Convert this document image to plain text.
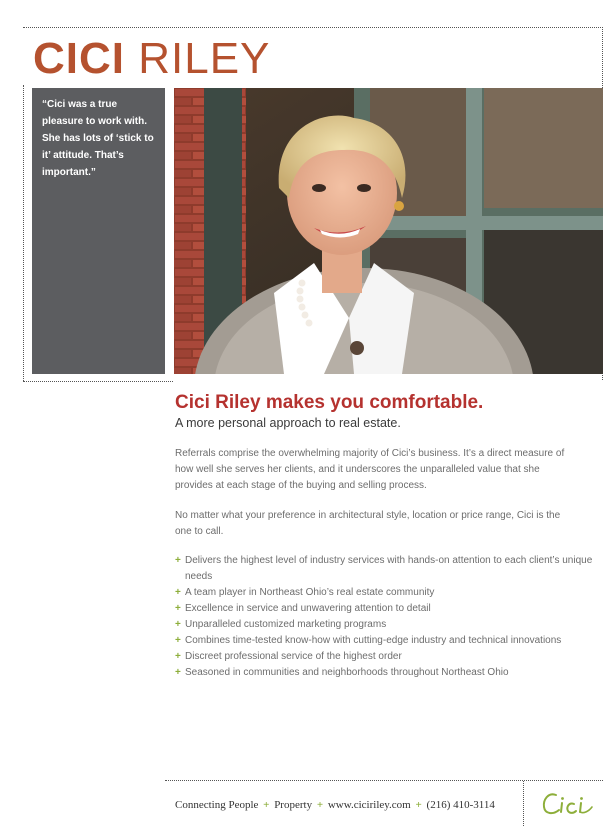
CICI RILEY
“Cici was a true pleasure to work with. She has lots of ‘stick to it’ attitude. That’s important.”
Cici Riley makes you comfortable.
A more personal approach to real estate.
Referrals comprise the overwhelming majority of Cici’s business. It’s a direct measure of how well she serves her clients, and it underscores the unparalleled value that she provides at each stage of the buying and selling process.
No matter what your preference in architectural style, location or price range, Cici is the one to call.
+ Delivers the highest level of industry services with hands-on attention to each client’s unique needs
+ A team player in Northeast Ohio’s real estate community
+ Excellence in service and unwavering attention to detail
+ Unparalleled customized marketing programs
+ Combines time-tested know-how with cutting-edge industry and technical innovations
+ Discreet professional service of the highest order
+ Seasoned in communities and neighborhoods throughout Northeast Ohio
Connecting People + Property + www.ciciriley.com + (216) 410-3114
